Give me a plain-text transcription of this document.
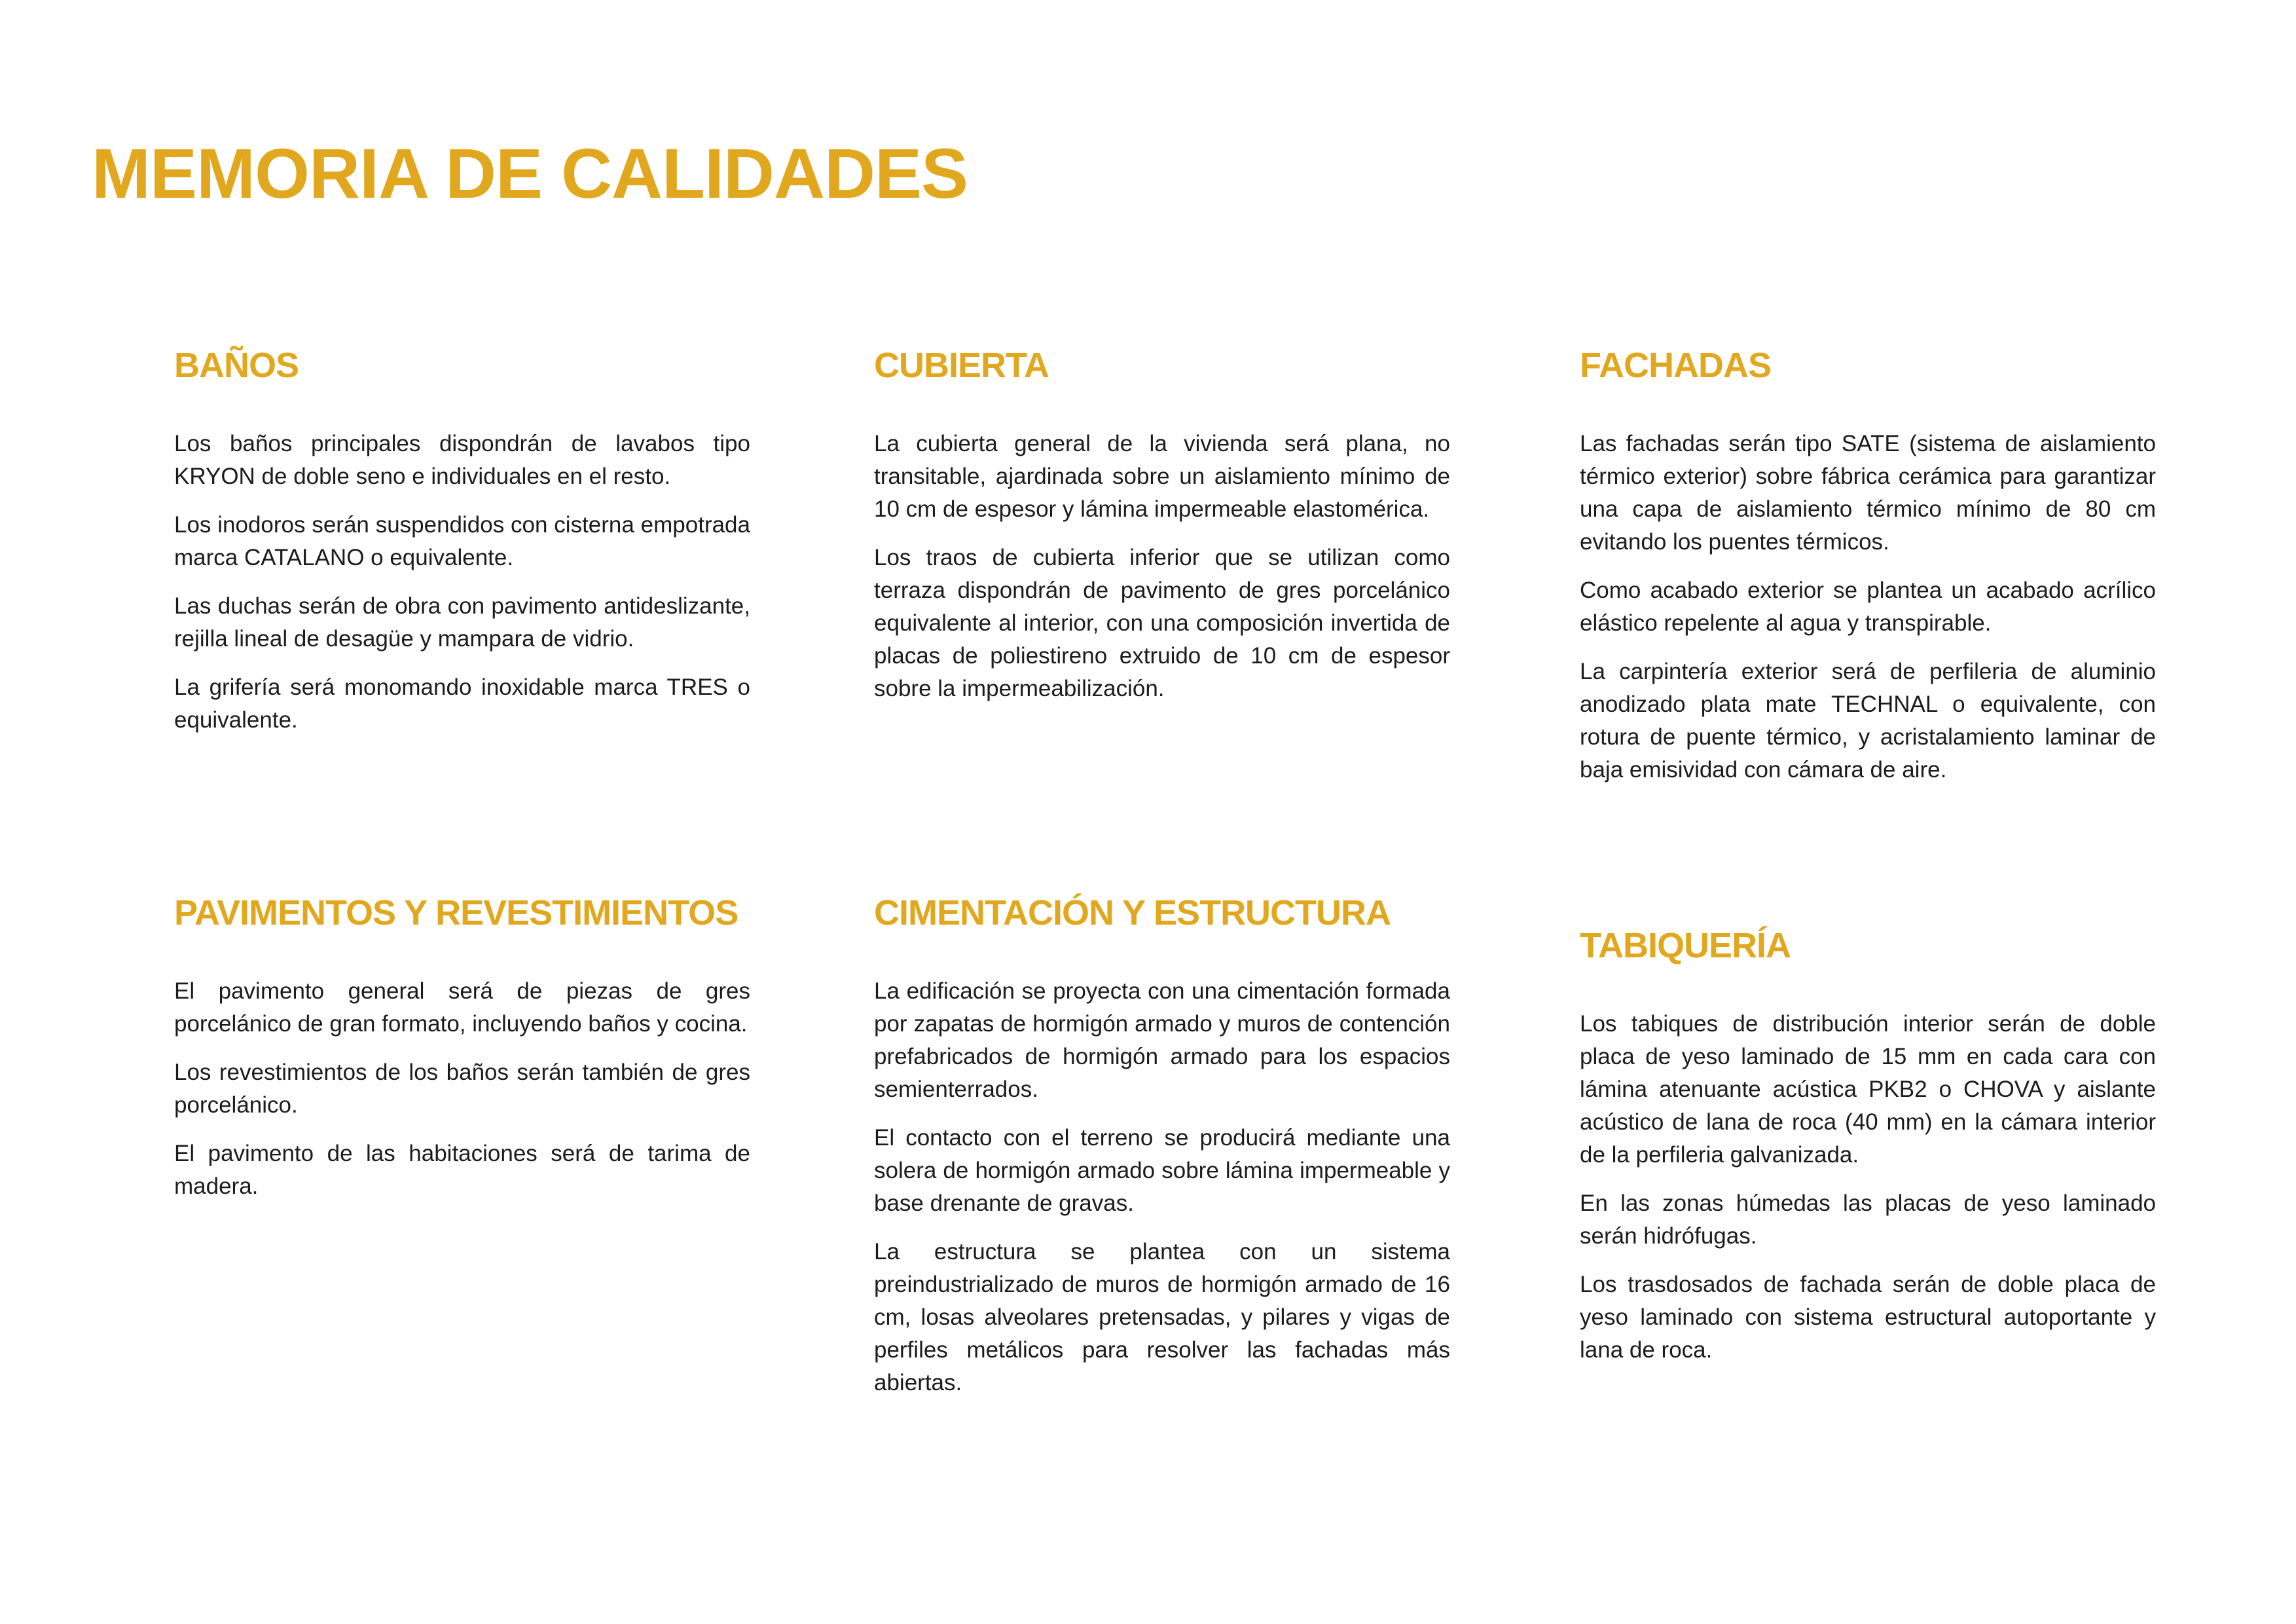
MEMORIA DE CALIDADES
BAÑOS

Los baños principales dispondrán de lavabos tipo KRYON de doble seno e individuales en el resto.

Los inodoros serán suspendidos con cisterna empotrada marca CATALANO o equivalente.

Las duchas serán de obra con pavimento antideslizante, rejilla lineal de desagüe y mampara de vidrio.

La grifería será monomando inoxidable marca TRES o equivalente.

CUBIERTA

La cubierta general de la vivienda será plana, no transitable, ajardinada sobre un aislamiento mínimo de 10 cm de espesor y lámina impermeable elastomérica.

Los traos de cubierta inferior que se utilizan como terraza dispondrán de pavimento de gres porcelánico equivalente al interior, con una composición invertida de placas de poliestireno extruido de 10 cm de espesor sobre la impermeabilización.

FACHADAS

Las fachadas serán tipo SATE (sistema de aislamiento térmico exterior) sobre fábrica cerámica para garantizar una capa de aislamiento térmico mínimo de 80 cm evitando los puentes térmicos.

Como acabado exterior se plantea un acabado acrílico elástico repelente al agua y transpirable.

La carpintería exterior será de perfileria de aluminio anodizado plata mate TECHNAL o equivalente, con rotura de puente térmico, y acristalamiento laminar de baja emisividad con cámara de aire.

PAVIMENTOS Y REVESTIMIENTOS

El pavimento general será de piezas de gres porcelánico de gran formato, incluyendo baños y cocina.

Los revestimientos de los baños serán también de gres porcelánico.

El pavimento de las habitaciones será de tarima de madera.

CIMENTACIÓN Y ESTRUCTURA

La edificación se proyecta con una cimentación formada por zapatas de hormigón armado y muros de contención prefabricados de hormigón armado para los espacios semienterrados.

El contacto con el terreno se producirá mediante una solera de hormigón armado sobre lámina impermeable y base drenante de gravas.

La estructura se plantea con un sistema preindustrializado de muros de hormigón armado de 16 cm, losas alveolares pretensadas, y pilares y vigas de perfiles metálicos para resolver las fachadas más abiertas.

TABIQUERÍA

Los tabiques de distribución interior serán de doble placa de yeso laminado de 15 mm en cada cara con lámina atenuante acústica PKB2 o CHOVA y aislante acústico de lana de roca (40 mm) en la cámara interior de la perfileria galvanizada.

En las zonas húmedas las placas de yeso laminado serán hidrófugas.

Los trasdosados de fachada serán de doble placa de yeso laminado con sistema estructural autoportante y lana de roca.
